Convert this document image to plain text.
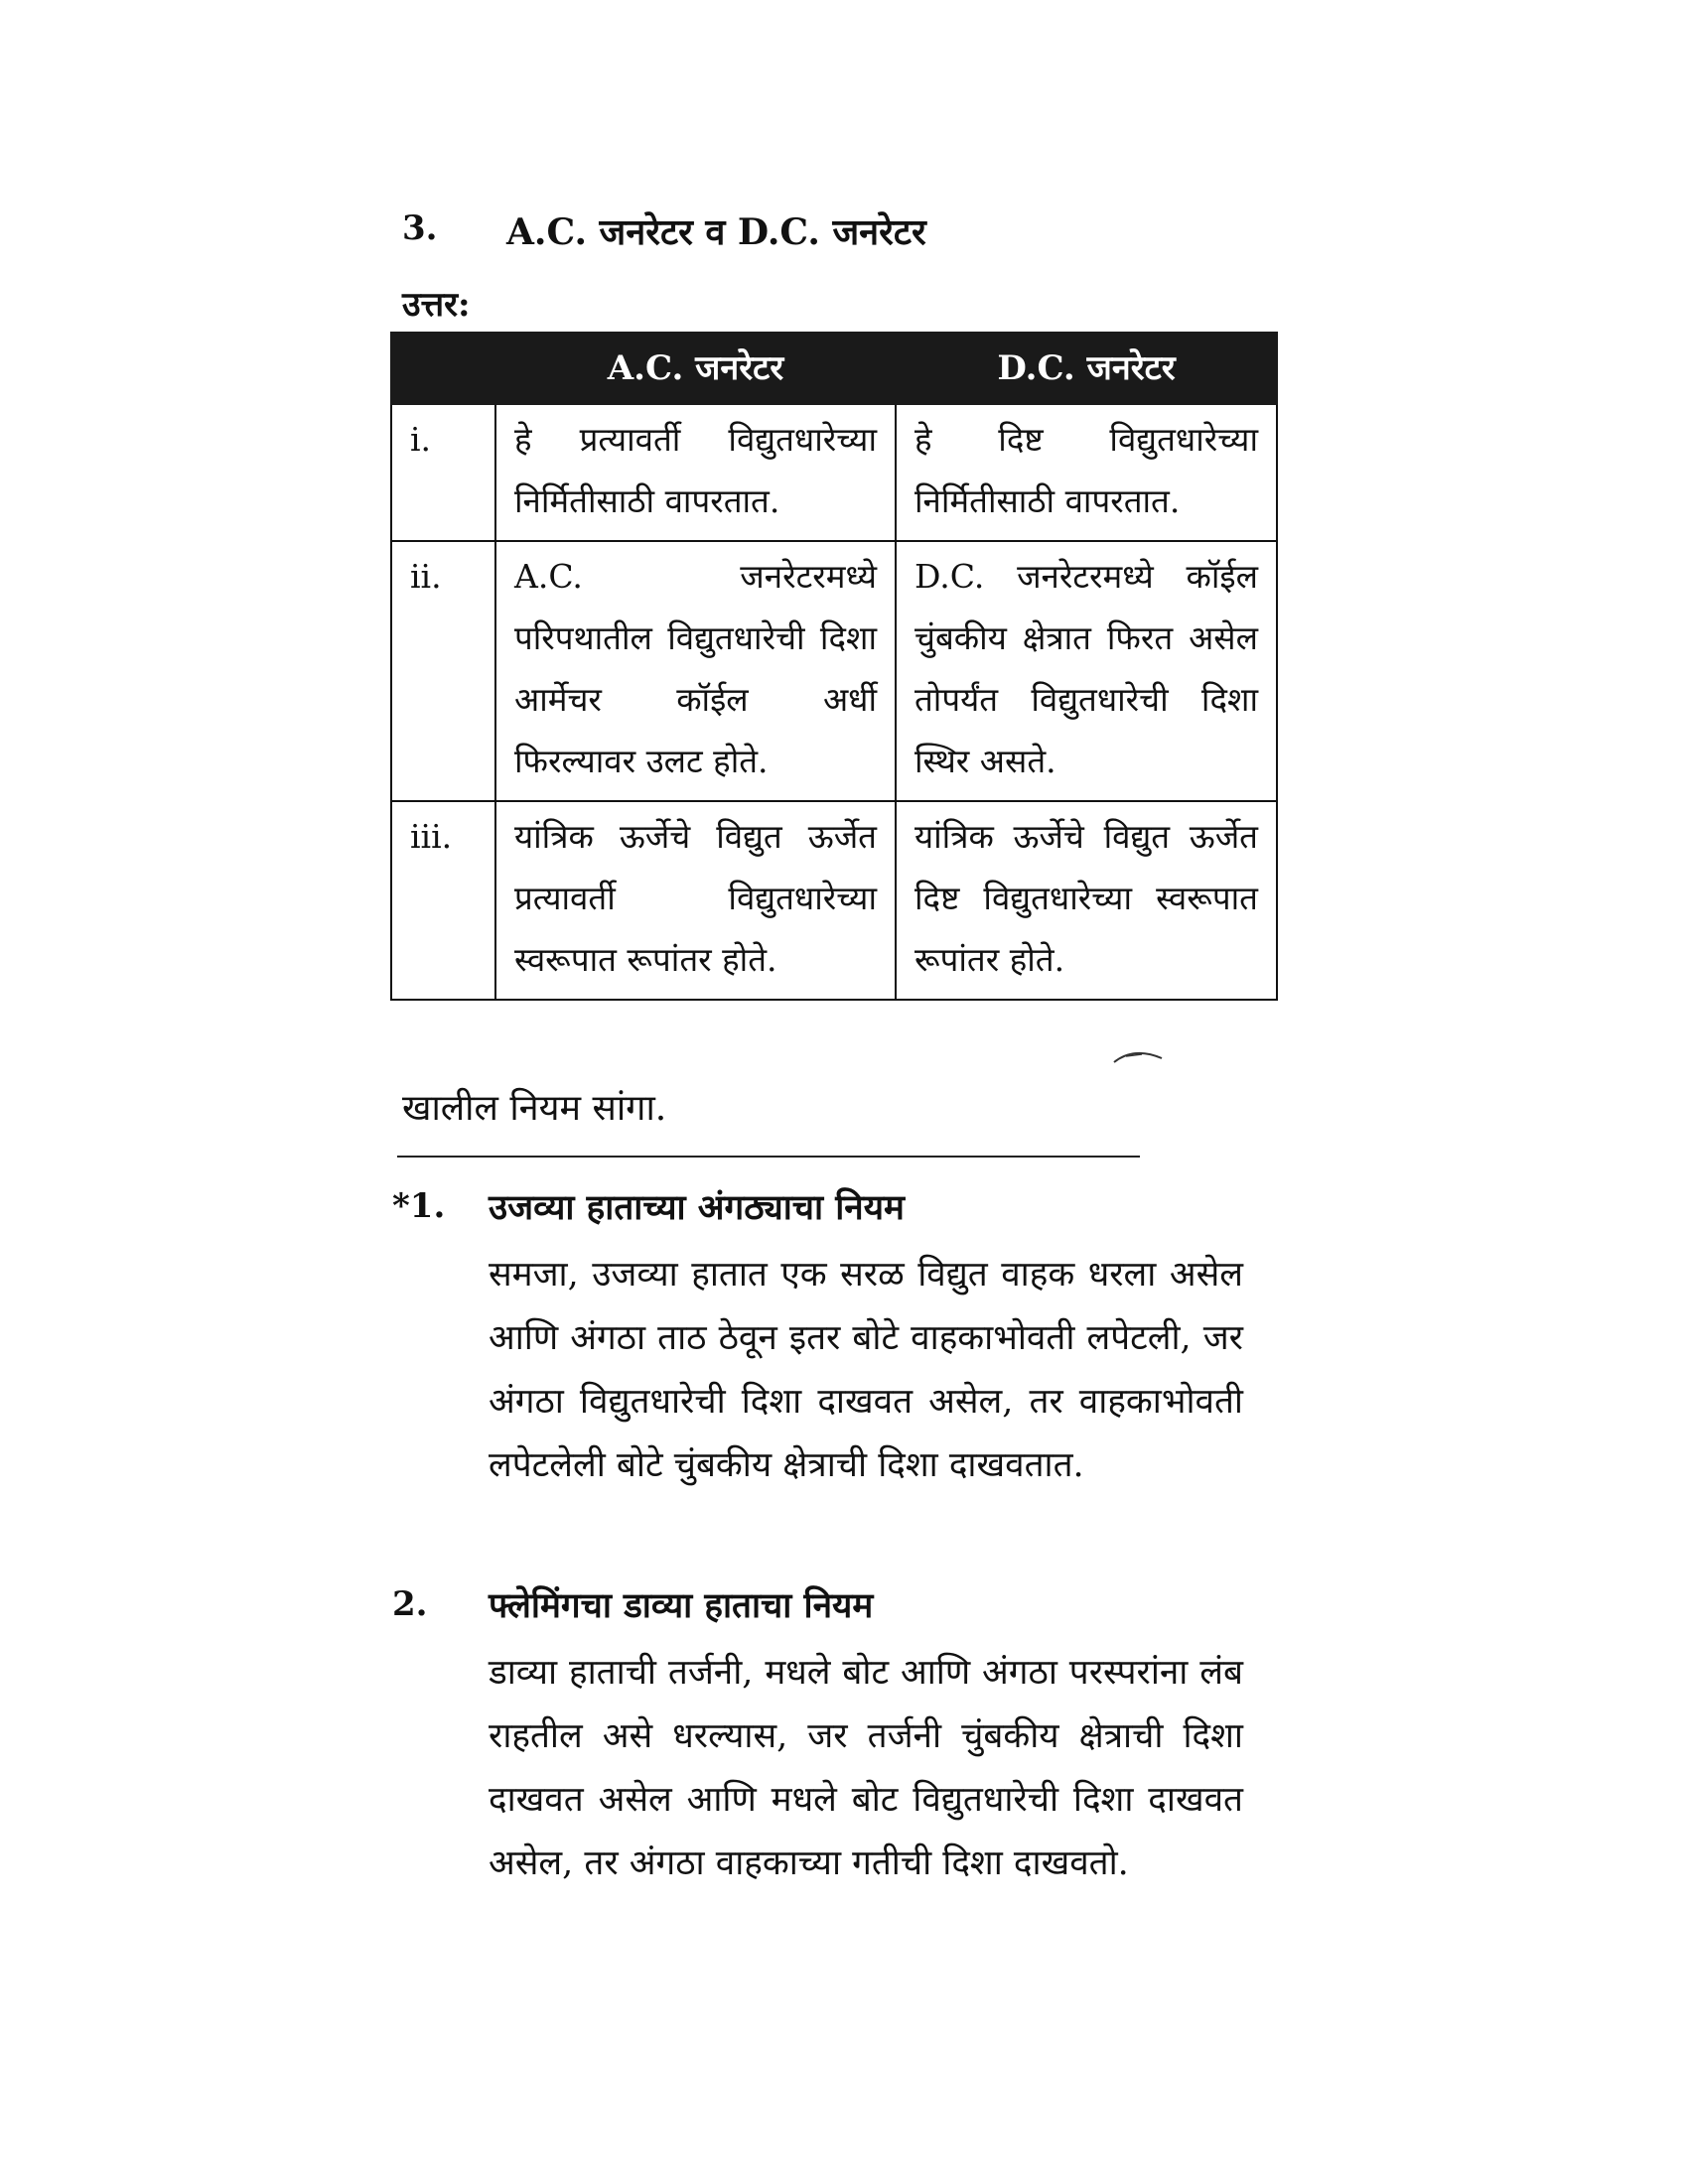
3. A.C. जनरेटर व D.C. जनरेटर
उत्तर:
	A.C. जनरेटर	D.C. जनरेटर
i.	हे प्रत्यावर्ती विद्युतधारेच्या निर्मितीसाठी वापरतात.	हे दिष्ट विद्युतधारेच्या निर्मितीसाठी वापरतात.
ii.	A.C. जनरेटरमध्ये परिपथातील विद्युतधारेची दिशा आर्मेचर कॉईल अर्धी फिरल्यावर उलट होते.	D.C. जनरेटरमध्ये कॉईल चुंबकीय क्षेत्रात फिरत असेल तोपर्यंत विद्युतधारेची दिशा स्थिर असते.
iii.	यांत्रिक ऊर्जेचे विद्युत ऊर्जेत प्रत्यावर्ती विद्युतधारेच्या स्वरूपात रूपांतर होते.	यांत्रिक ऊर्जेचे विद्युत ऊर्जेत दिष्ट विद्युतधारेच्या स्वरूपात रूपांतर होते.
खालील नियम सांगा.
*1. उजव्या हाताच्या अंगठ्याचा नियम
समजा, उजव्या हातात एक सरळ विद्युत वाहक धरला असेल आणि अंगठा ताठ ठेवून इतर बोटे वाहकाभोवती लपेटली, जर अंगठा विद्युतधारेची दिशा दाखवत असेल, तर वाहकाभोवती लपेटलेली बोटे चुंबकीय क्षेत्राची दिशा दाखवतात.
2. फ्लेमिंगचा डाव्या हाताचा नियम
डाव्या हाताची तर्जनी, मधले बोट आणि अंगठा परस्परांना लंब राहतील असे धरल्यास, जर तर्जनी चुंबकीय क्षेत्राची दिशा दाखवत असेल आणि मधले बोट विद्युतधारेची दिशा दाखवत असेल, तर अंगठा वाहकाच्या गतीची दिशा दाखवतो.
